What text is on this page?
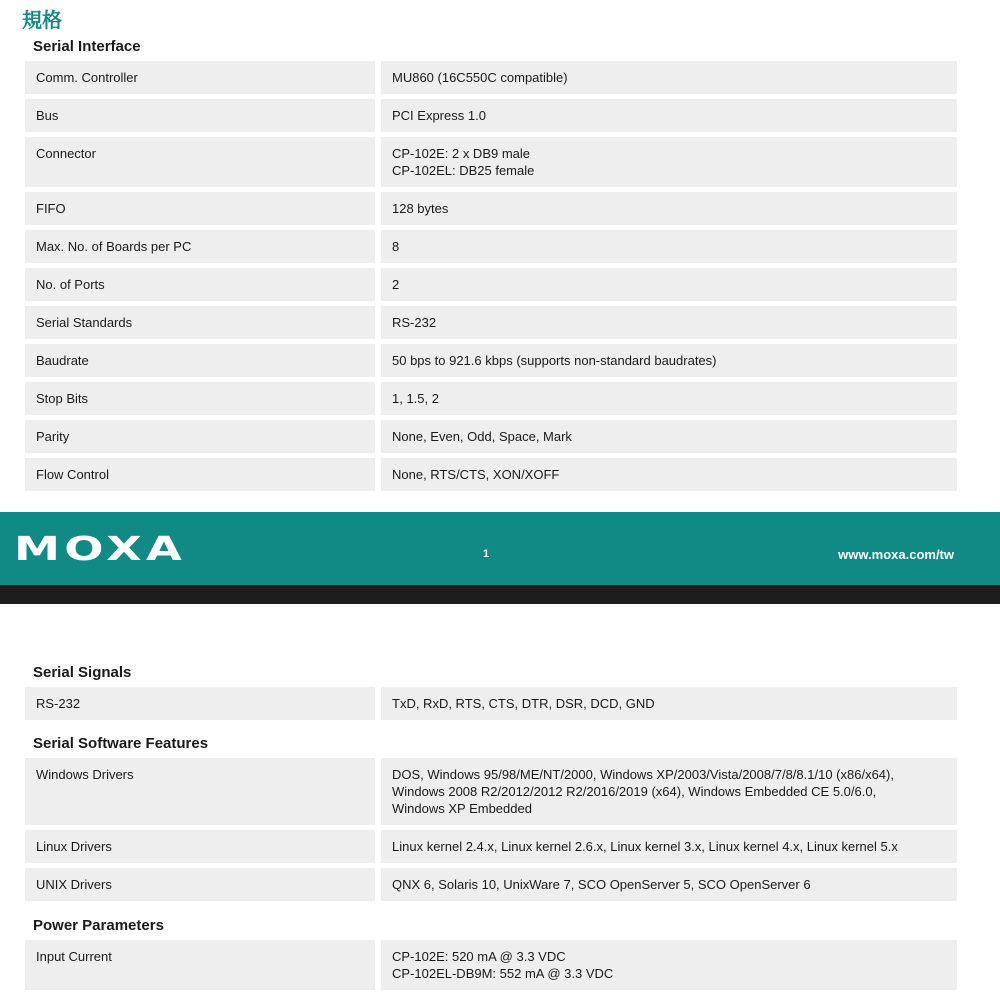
規格
Serial Interface
Comm. Controller	MU860 (16C550C compatible)
Bus	PCI Express 1.0
Connector	CP-102E: 2 x DB9 male
CP-102EL: DB25 female
FIFO	128 bytes
Max. No. of Boards per PC	8
No. of Ports	2
Serial Standards	RS-232
Baudrate	50 bps to 921.6 kbps (supports non-standard baudrates)
Stop Bits	1, 1.5, 2
Parity	None, Even, Odd, Space, Mark
Flow Control	None, RTS/CTS, XON/XOFF
MOXA	1	www.moxa.com/tw
Serial Signals
RS-232	TxD, RxD, RTS, CTS, DTR, DSR, DCD, GND
Serial Software Features
Windows Drivers	DOS, Windows 95/98/ME/NT/2000, Windows XP/2003/Vista/2008/7/8/8.1/10 (x86/x64),
Windows 2008 R2/2012/2012 R2/2016/2019 (x64), Windows Embedded CE 5.0/6.0,
Windows XP Embedded
Linux Drivers	Linux kernel 2.4.x, Linux kernel 2.6.x, Linux kernel 3.x, Linux kernel 4.x, Linux kernel 5.x
UNIX Drivers	QNX 6, Solaris 10, UnixWare 7, SCO OpenServer 5, SCO OpenServer 6
Power Parameters
Input Current	CP-102E: 520 mA @ 3.3 VDC
CP-102EL-DB9M: 552 mA @ 3.3 VDC
